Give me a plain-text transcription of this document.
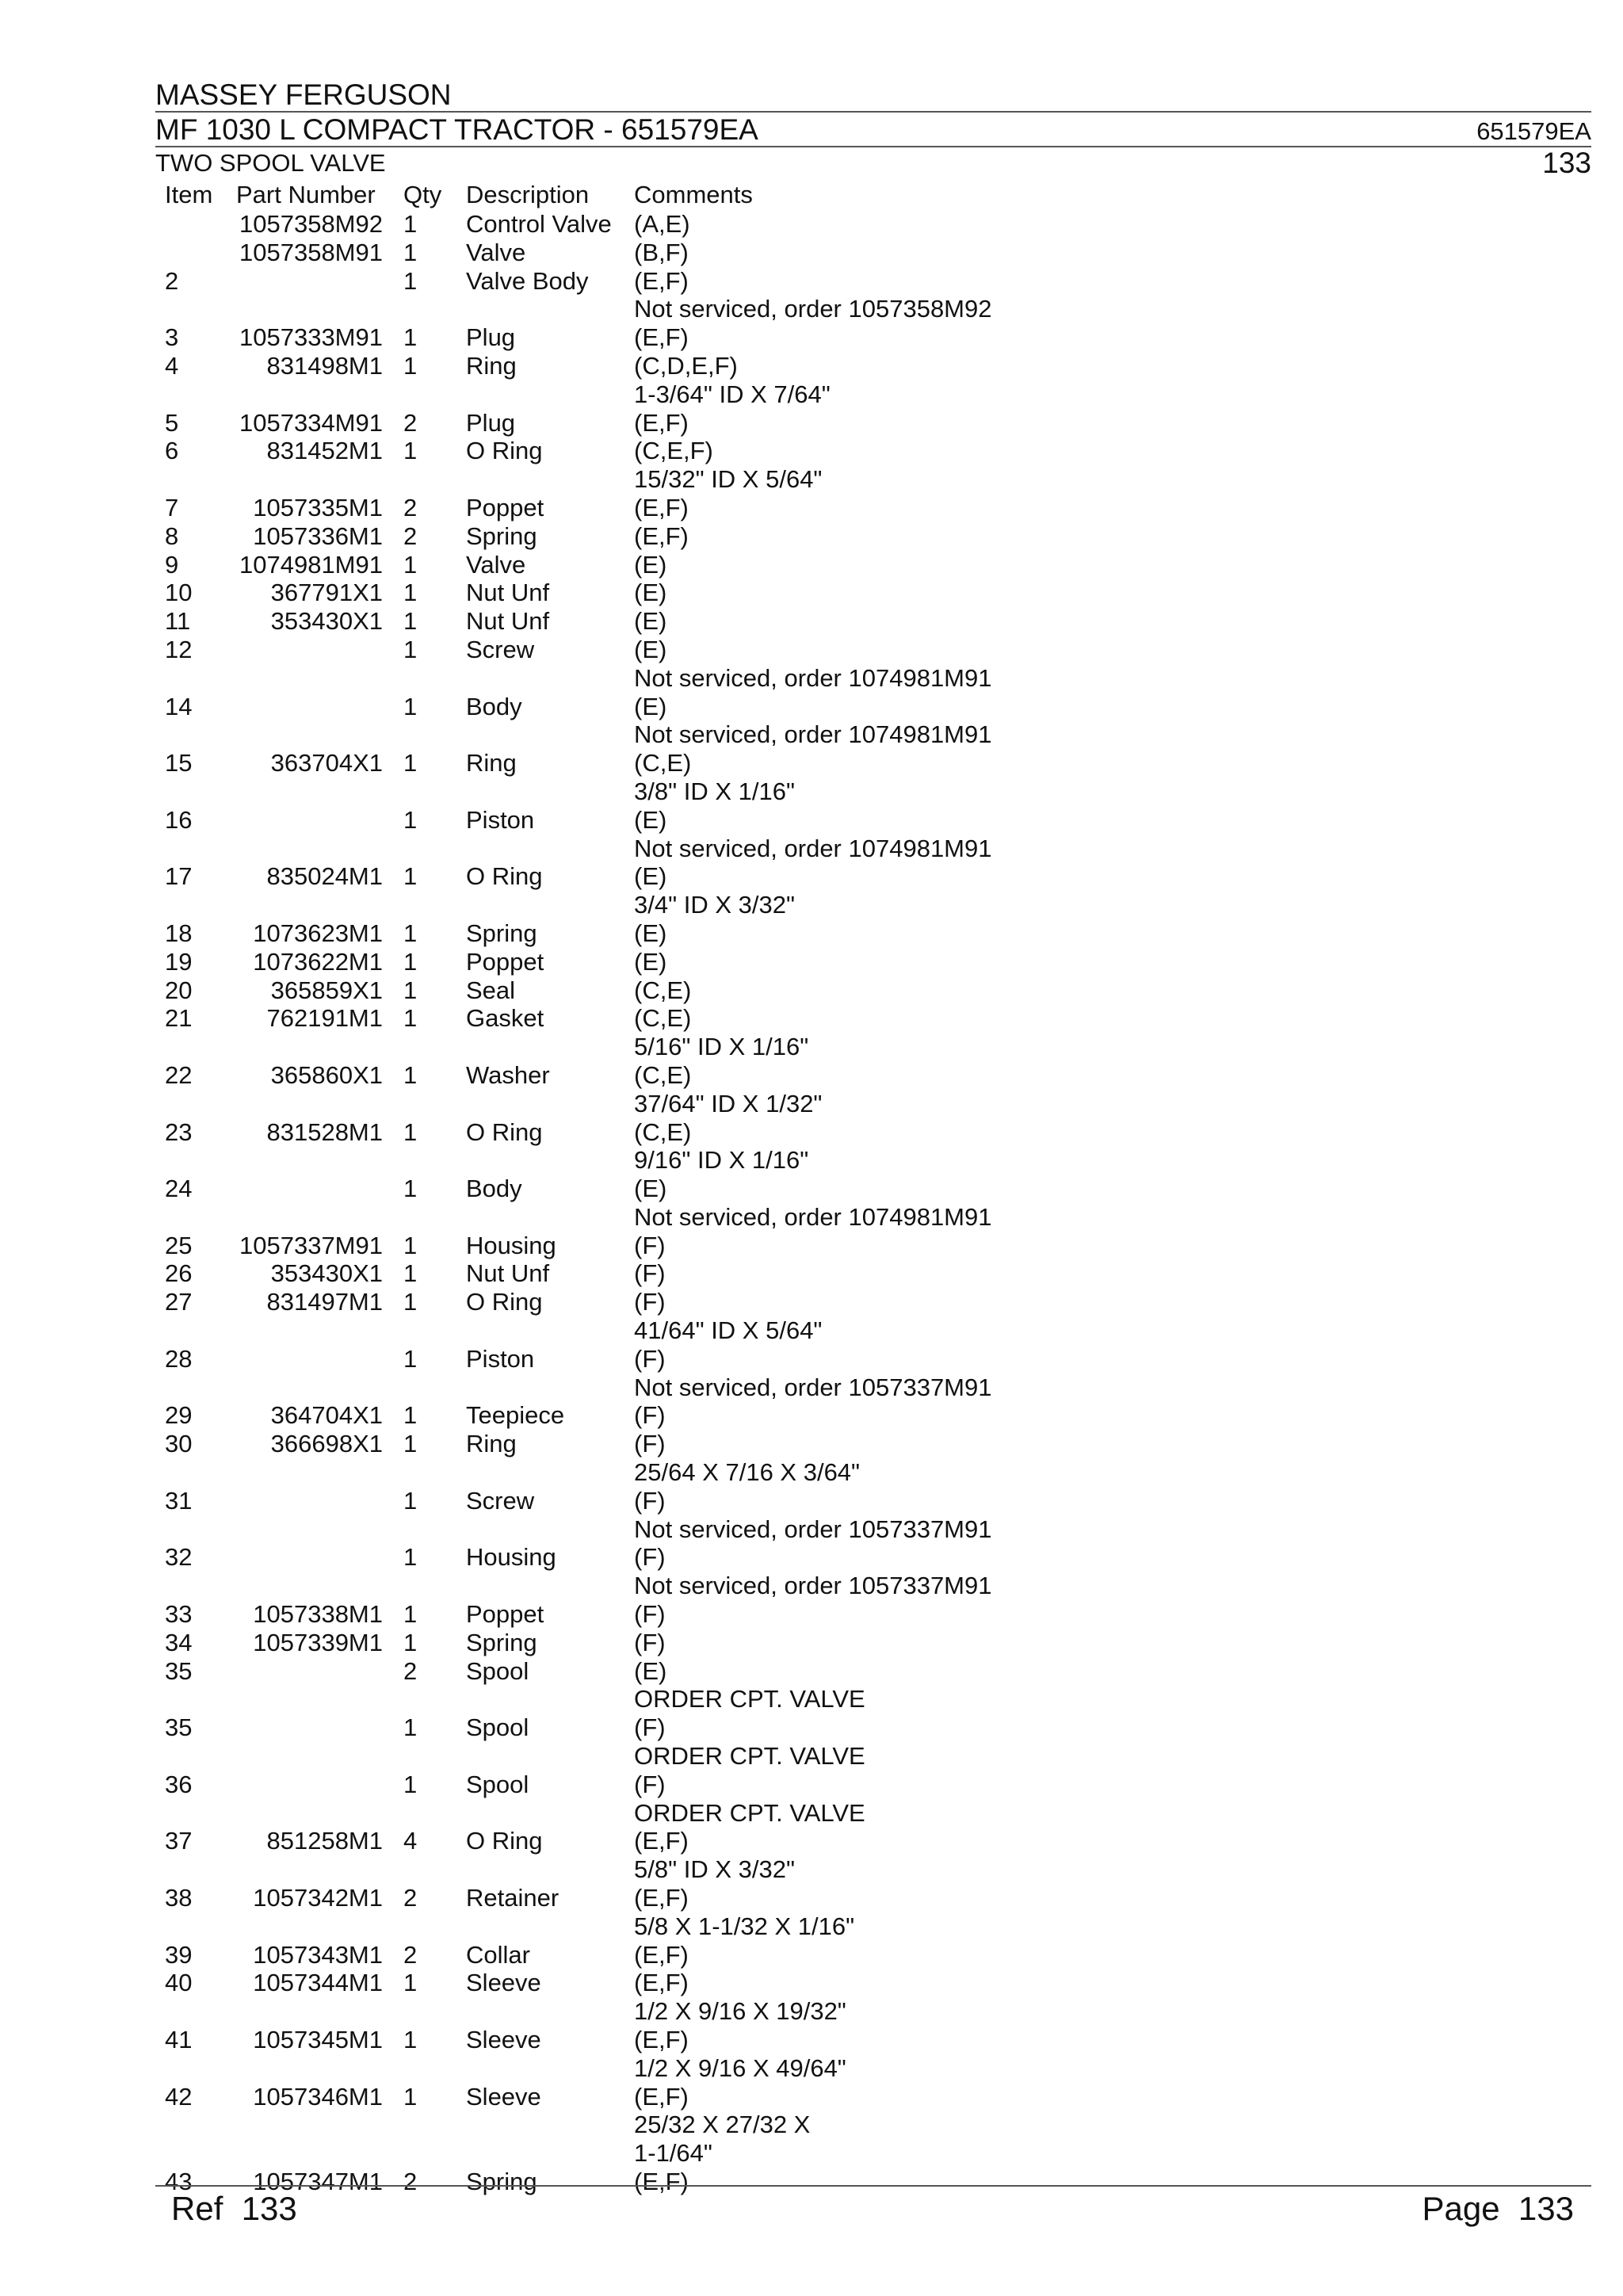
MASSEY FERGUSON
MF 1030 L COMPACT TRACTOR - 651579EA	651579EA
TWO SPOOL VALVE	133
Item Part Number Qty Description Comments
1057358M92 1 Control Valve (A,E)
1057358M91 1 Valve	(B,F)
2	1 Valve Body (E,F)
Not serviced, order 1057358M92
3 1057333M91 1 Plug	(E,F)
4	831498M1 1 Ring	(C,D,E,F)
1-3/64" ID X 7/64"
5 1057334M91 2 Plug	(E,F)
6	831452M1 1 O Ring	(C,E,F)
15/32" ID X 5/64"
7	1057335M1 2 Poppet	(E,F)
8	1057336M1 2 Spring	(E,F)
9 1074981M91 1 Valve	(E)
10	367791X1 1 Nut Unf	(E)
11	353430X1 1 Nut Unf	(E)
12	1 Screw	(E)
Not serviced, order 1074981M91
14	1 Body	(E)
Not serviced, order 1074981M91
15	363704X1 1 Ring	(C,E)
3/8" ID X 1/16"
16	1 Piston	(E)
Not serviced, order 1074981M91
17	835024M1 1 O Ring	(E)
3/4" ID X 3/32"
18 1073623M1 1 Spring	(E)
19 1073622M1 1 Poppet	(E)
20	365859X1 1 Seal	(C,E)
21	762191M1 1 Gasket	(C,E)
5/16" ID X 1/16"
22	365860X1 1 Washer	(C,E)
37/64" ID X 1/32"
23	831528M1 1 O Ring	(C,E)
9/16" ID X 1/16"
24	1 Body	(E)
Not serviced, order 1074981M91
25 1057337M91 1 Housing	(F)
26	353430X1 1 Nut Unf	(F)
27	831497M1 1 O Ring	(F)
41/64" ID X 5/64"
28	1 Piston	(F)
Not serviced, order 1057337M91
29	364704X1 1 Teepiece	(F)
30	366698X1 1 Ring	(F)
25/64 X 7/16 X 3/64"
31	1 Screw	(F)
Not serviced, order 1057337M91
32	1 Housing	(F)
Not serviced, order 1057337M91
33 1057338M1 1 Poppet	(F)
34 1057339M1 1 Spring	(F)
35	2 Spool	(E)
ORDER CPT. VALVE
35	1 Spool	(F)
ORDER CPT. VALVE
36	1 Spool	(F)
ORDER CPT. VALVE
37	851258M1 4 O Ring	(E,F)
5/8" ID X 3/32"
38 1057342M1 2 Retainer	(E,F)
5/8 X 1-1/32 X 1/16"
39 1057343M1 2 Collar	(E,F)
40 1057344M1 1 Sleeve	(E,F)
1/2 X 9/16 X 19/32"
41 1057345M1 1 Sleeve	(E,F)
1/2 X 9/16 X 49/64"
42 1057346M1 1 Sleeve	(E,F)
25/32 X 27/32 X
1-1/64"
43 1057347M1 2 Spring	(E,F)
Ref 133	Page 133
